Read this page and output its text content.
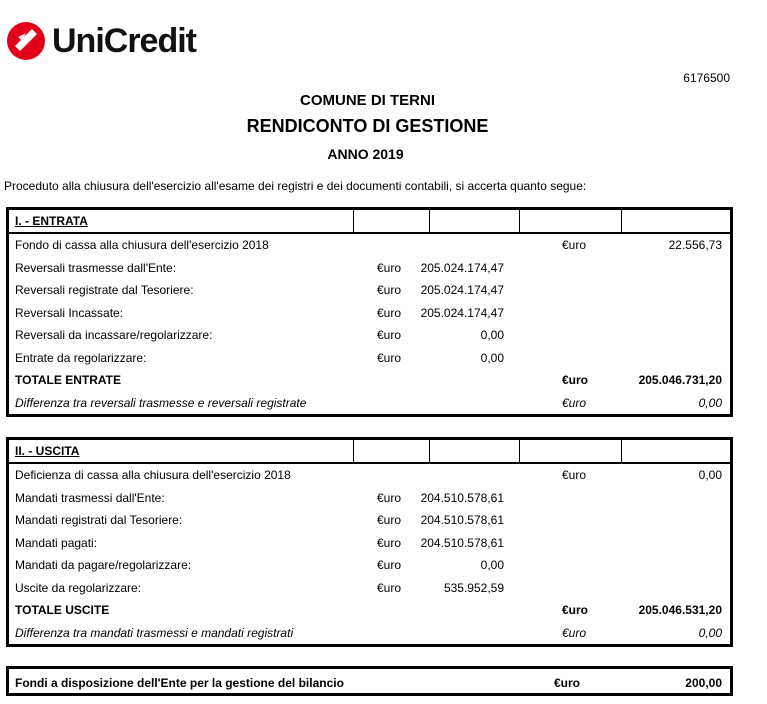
UniCredit
6176500
COMUNE DI TERNI
RENDICONTO DI GESTIONE
ANNO 2019
Proceduto alla chiusura dell'esercizio all'esame dei registri e dei documenti contabili, si accerta quanto segue:
I. - ENTRATA
Fondo di cassa alla chiusura dell'esercizio 2018	€uro	22.556,73
Reversali trasmesse dall'Ente:	€uro 205.024.174,47
Reversali registrate dal Tesoriere:	€uro 205.024.174,47
Reversali Incassate:	€uro 205.024.174,47
Reversali da incassare/regolarizzare:	€uro	0,00
Entrate da regolarizzare:	€uro	0,00
TOTALE ENTRATE	€uro	205.046.731,20
Differenza tra reversali trasmesse e reversali registrate	€uro	0,00
II. - USCITA
Deficienza di cassa alla chiusura dell'esercizio 2018	€uro	0,00
Mandati trasmessi dall'Ente:	€uro 204.510.578,61
Mandati registrati dal Tesoriere:	€uro 204.510.578,61
Mandati pagati:	€uro 204.510.578,61
Mandati da pagare/regolarizzare:	€uro	0,00
Uscite da regolarizzare:	€uro	535.952,59
TOTALE USCITE	€uro	205.046.531,20
Differenza tra mandati trasmessi e mandati registrati	€uro	0,00
Fondi a disposizione dell'Ente per la gestione del bilancio	€uro	200,00
